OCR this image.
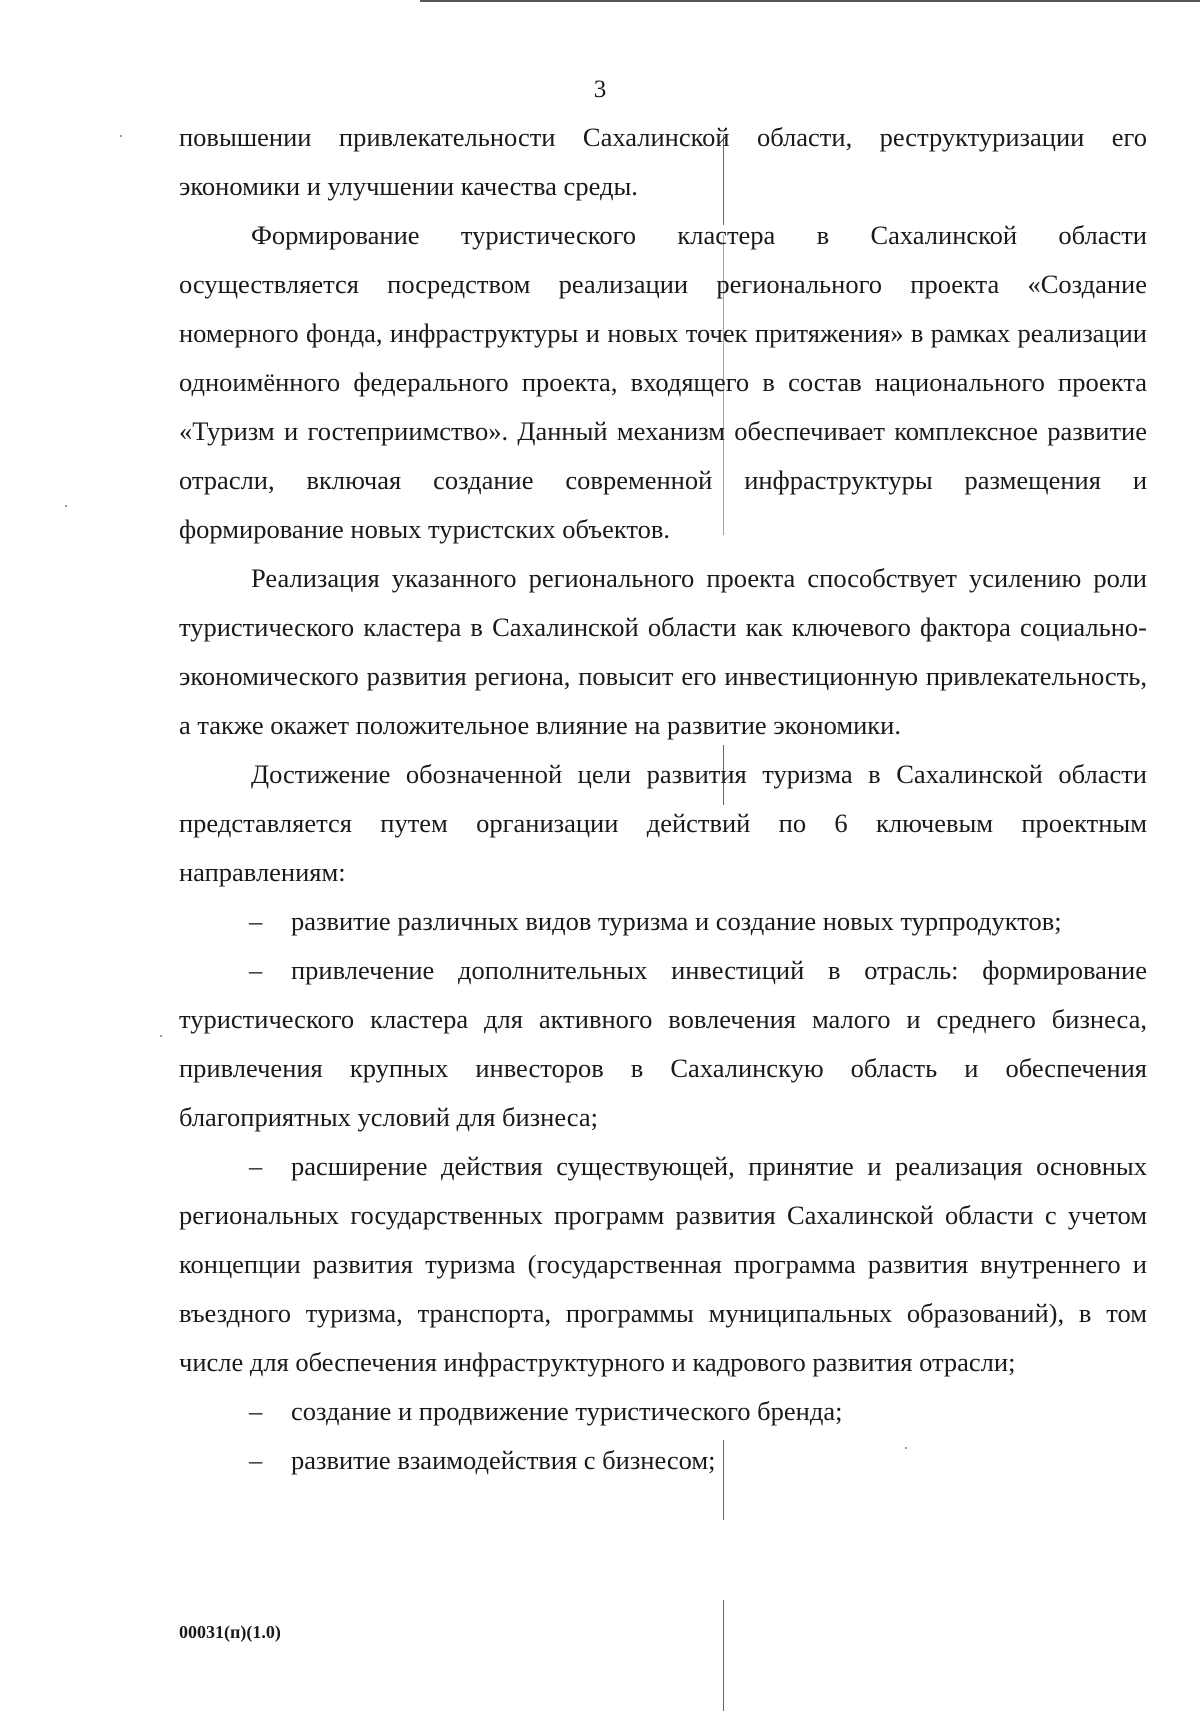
3

повышении привлекательности Сахалинской области, реструктуризации его экономики и улучшении качества среды.

Формирование туристического кластера в Сахалинской области осуществляется посредством реализации регионального проекта «Создание номерного фонда, инфраструктуры и новых точек притяжения» в рамках реализации одноимённого федерального проекта, входящего в состав национального проекта «Туризм и гостеприимство». Данный механизм обеспечивает комплексное развитие отрасли, включая создание современной инфраструктуры размещения и формирование новых туристских объектов.

Реализация указанного регионального проекта способствует усилению роли туристического кластера в Сахалинской области как ключевого фактора социально-экономического развития региона, повысит его инвестиционную привлекательность, а также окажет положительное влияние на развитие экономики.

Достижение обозначенной цели развития туризма в Сахалинской области представляется путем организации действий по 6 ключевым проектным направлениям:

– развитие различных видов туризма и создание новых турпродуктов;

– привлечение дополнительных инвестиций в отрасль: формирование туристического кластера для активного вовлечения малого и среднего бизнеса, привлечения крупных инвесторов в Сахалинскую область и обеспечения благоприятных условий для бизнеса;

– расширение действия существующей, принятие и реализация основных региональных государственных программ развития Сахалинской области с учетом концепции развития туризма (государственная программа развития внутреннего и въездного туризма, транспорта, программы муниципальных образований), в том числе для обеспечения инфраструктурного и кадрового развития отрасли;

– создание и продвижение туристического бренда;

– развитие взаимодействия с бизнесом;

00031(п)(1.0)
